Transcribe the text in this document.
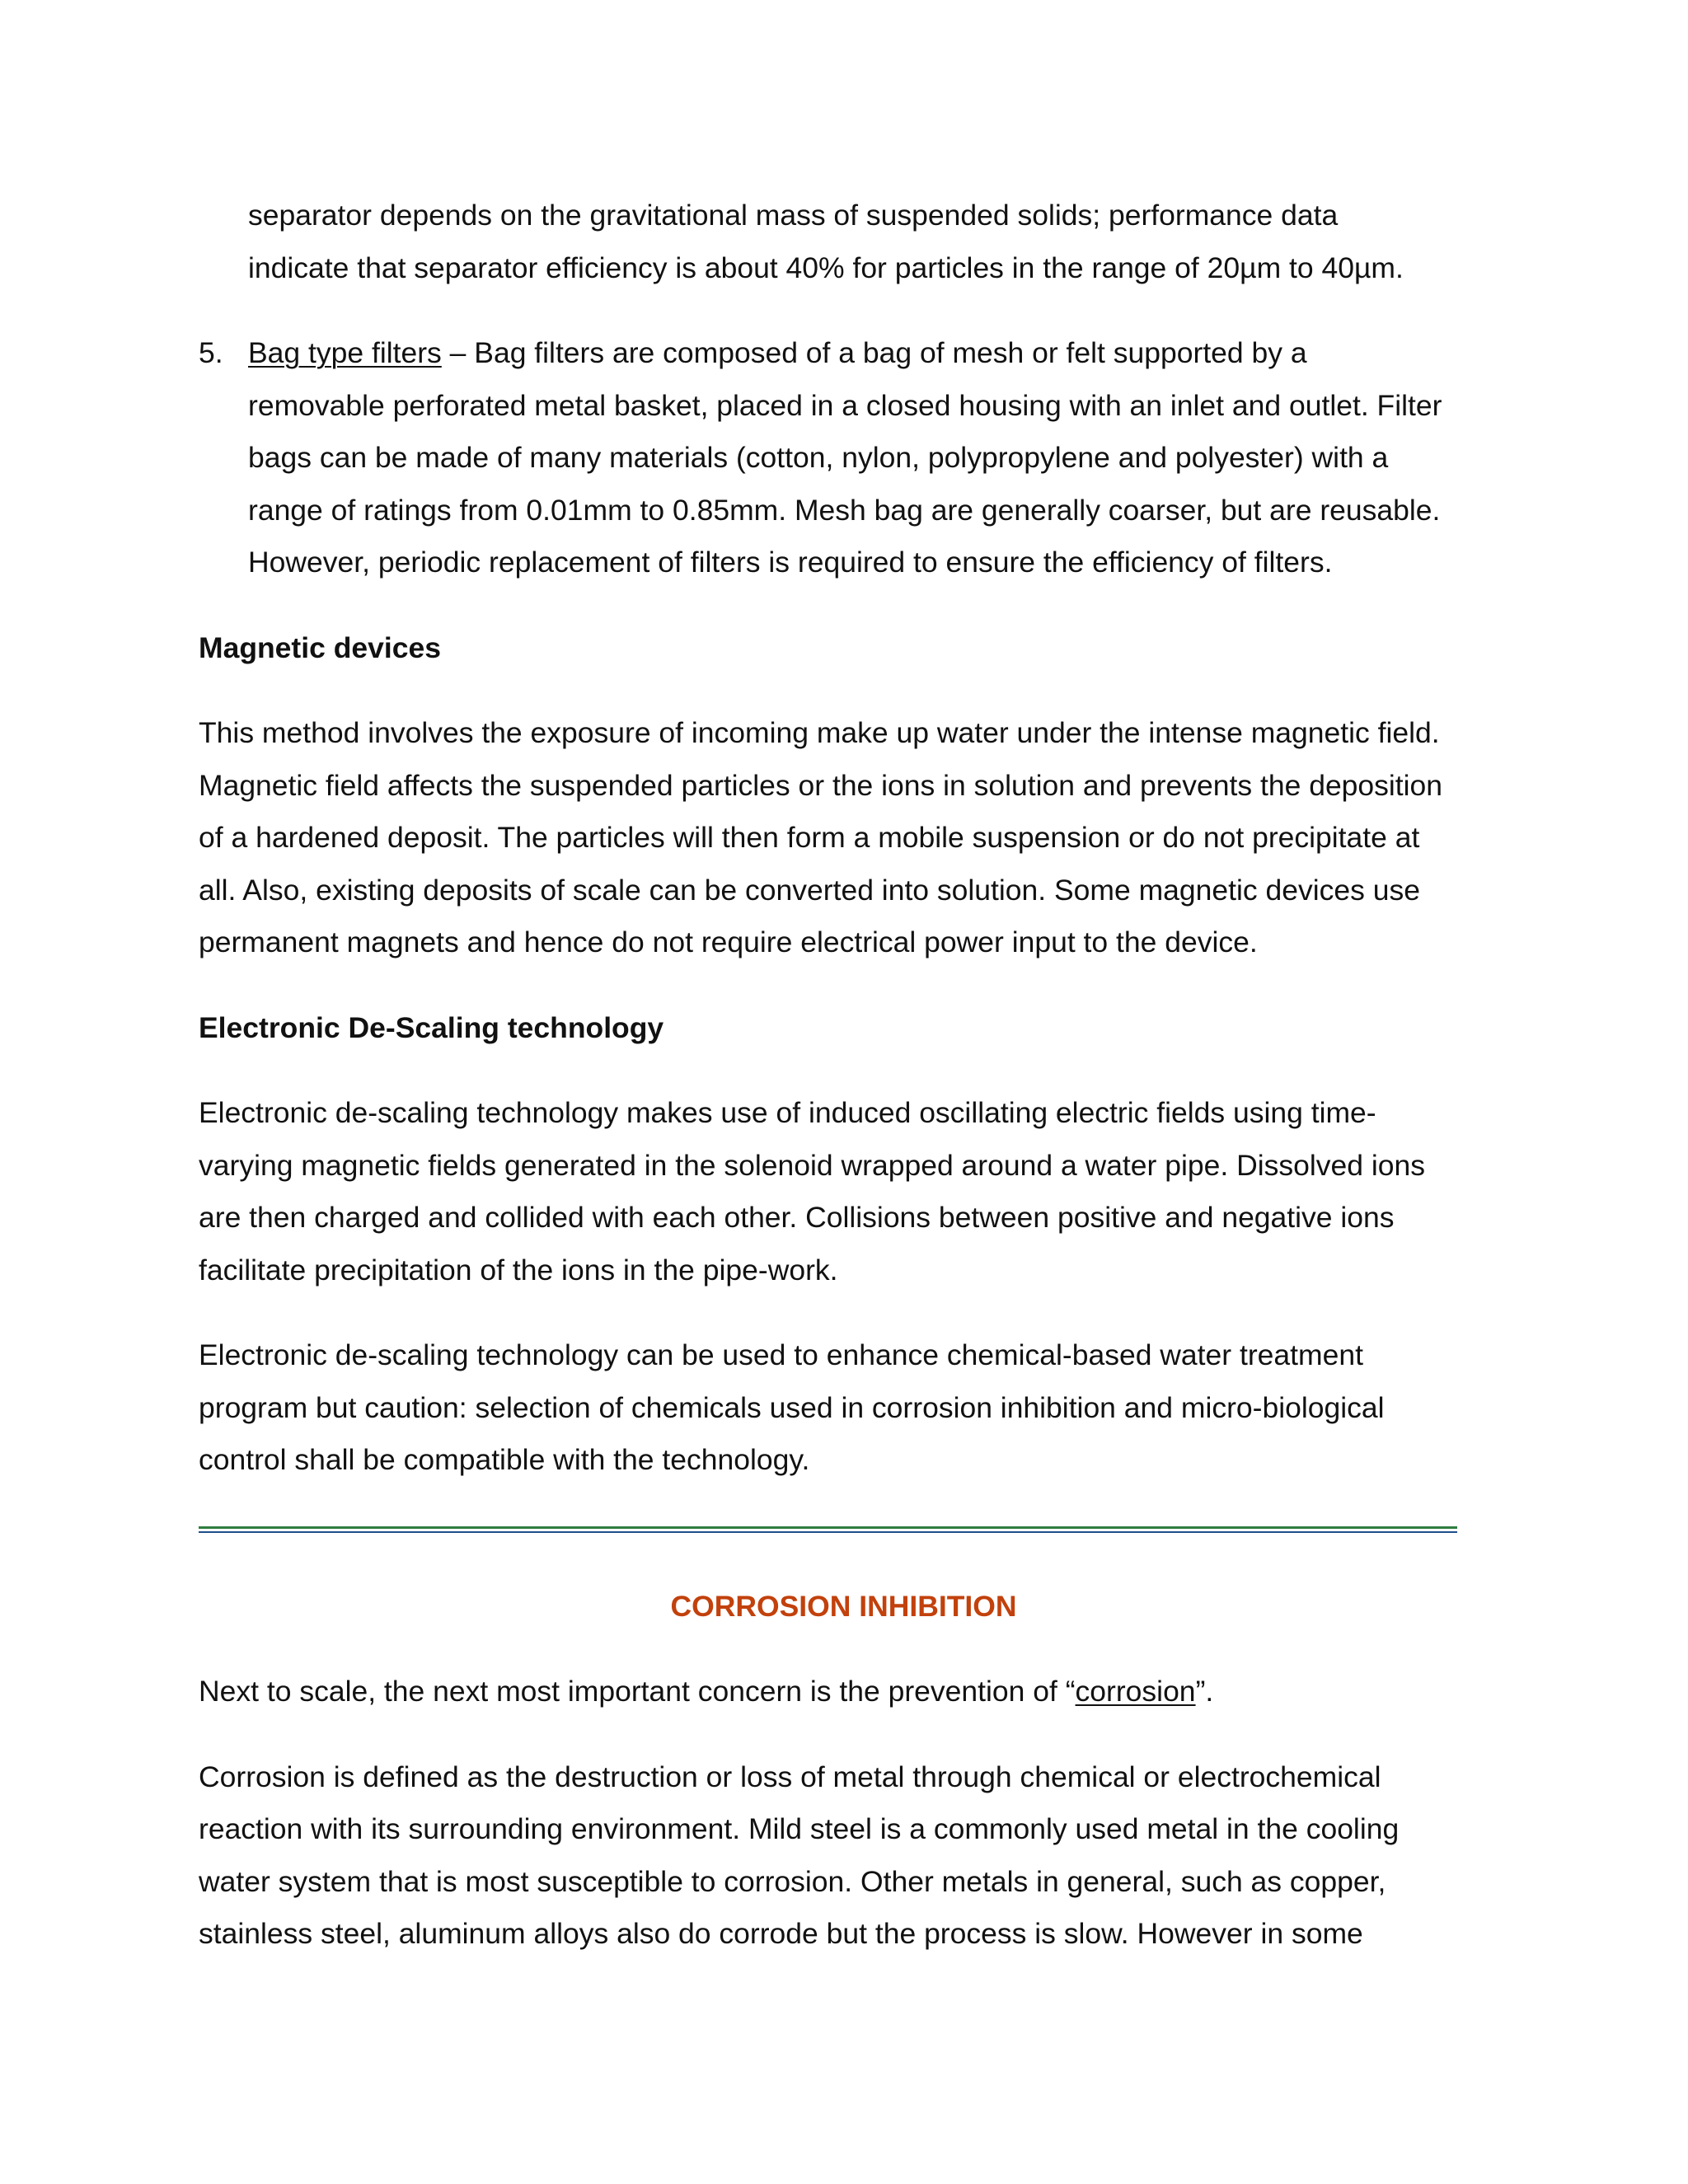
separator depends on the gravitational mass of suspended solids; performance data

indicate that separator efficiency is about 40% for particles in the range of 20µm to 40µm.

5. Bag type filters – Bag filters are composed of a bag of mesh or felt supported by a

removable perforated metal basket, placed in a closed housing with an inlet and outlet. Filter

bags can be made of many materials (cotton, nylon, polypropylene and polyester) with a

range of ratings from 0.01mm to 0.85mm. Mesh bag are generally coarser, but are reusable.

However, periodic replacement of filters is required to ensure the efficiency of filters.

Magnetic devices

This method involves the exposure of incoming make up water under the intense magnetic field.

Magnetic field affects the suspended particles or the ions in solution and prevents the deposition

of a hardened deposit. The particles will then form a mobile suspension or do not precipitate at

all. Also, existing deposits of scale can be converted into solution. Some magnetic devices use

permanent magnets and hence do not require electrical power input to the device.

Electronic De-Scaling technology

Electronic de-scaling technology makes use of induced oscillating electric fields using time-

varying magnetic fields generated in the solenoid wrapped around a water pipe. Dissolved ions

are then charged and collided with each other. Collisions between positive and negative ions

facilitate precipitation of the ions in the pipe-work.

Electronic de-scaling technology can be used to enhance chemical-based water treatment

program but caution: selection of chemicals used in corrosion inhibition and micro-biological

control shall be compatible with the technology.

CORROSION INHIBITION

Next to scale, the next most important concern is the prevention of “corrosion”.

Corrosion is defined as the destruction or loss of metal through chemical or electrochemical

reaction with its surrounding environment. Mild steel is a commonly used metal in the cooling

water system that is most susceptible to corrosion. Other metals in general, such as copper,

stainless steel, aluminum alloys also do corrode but the process is slow. However in some
